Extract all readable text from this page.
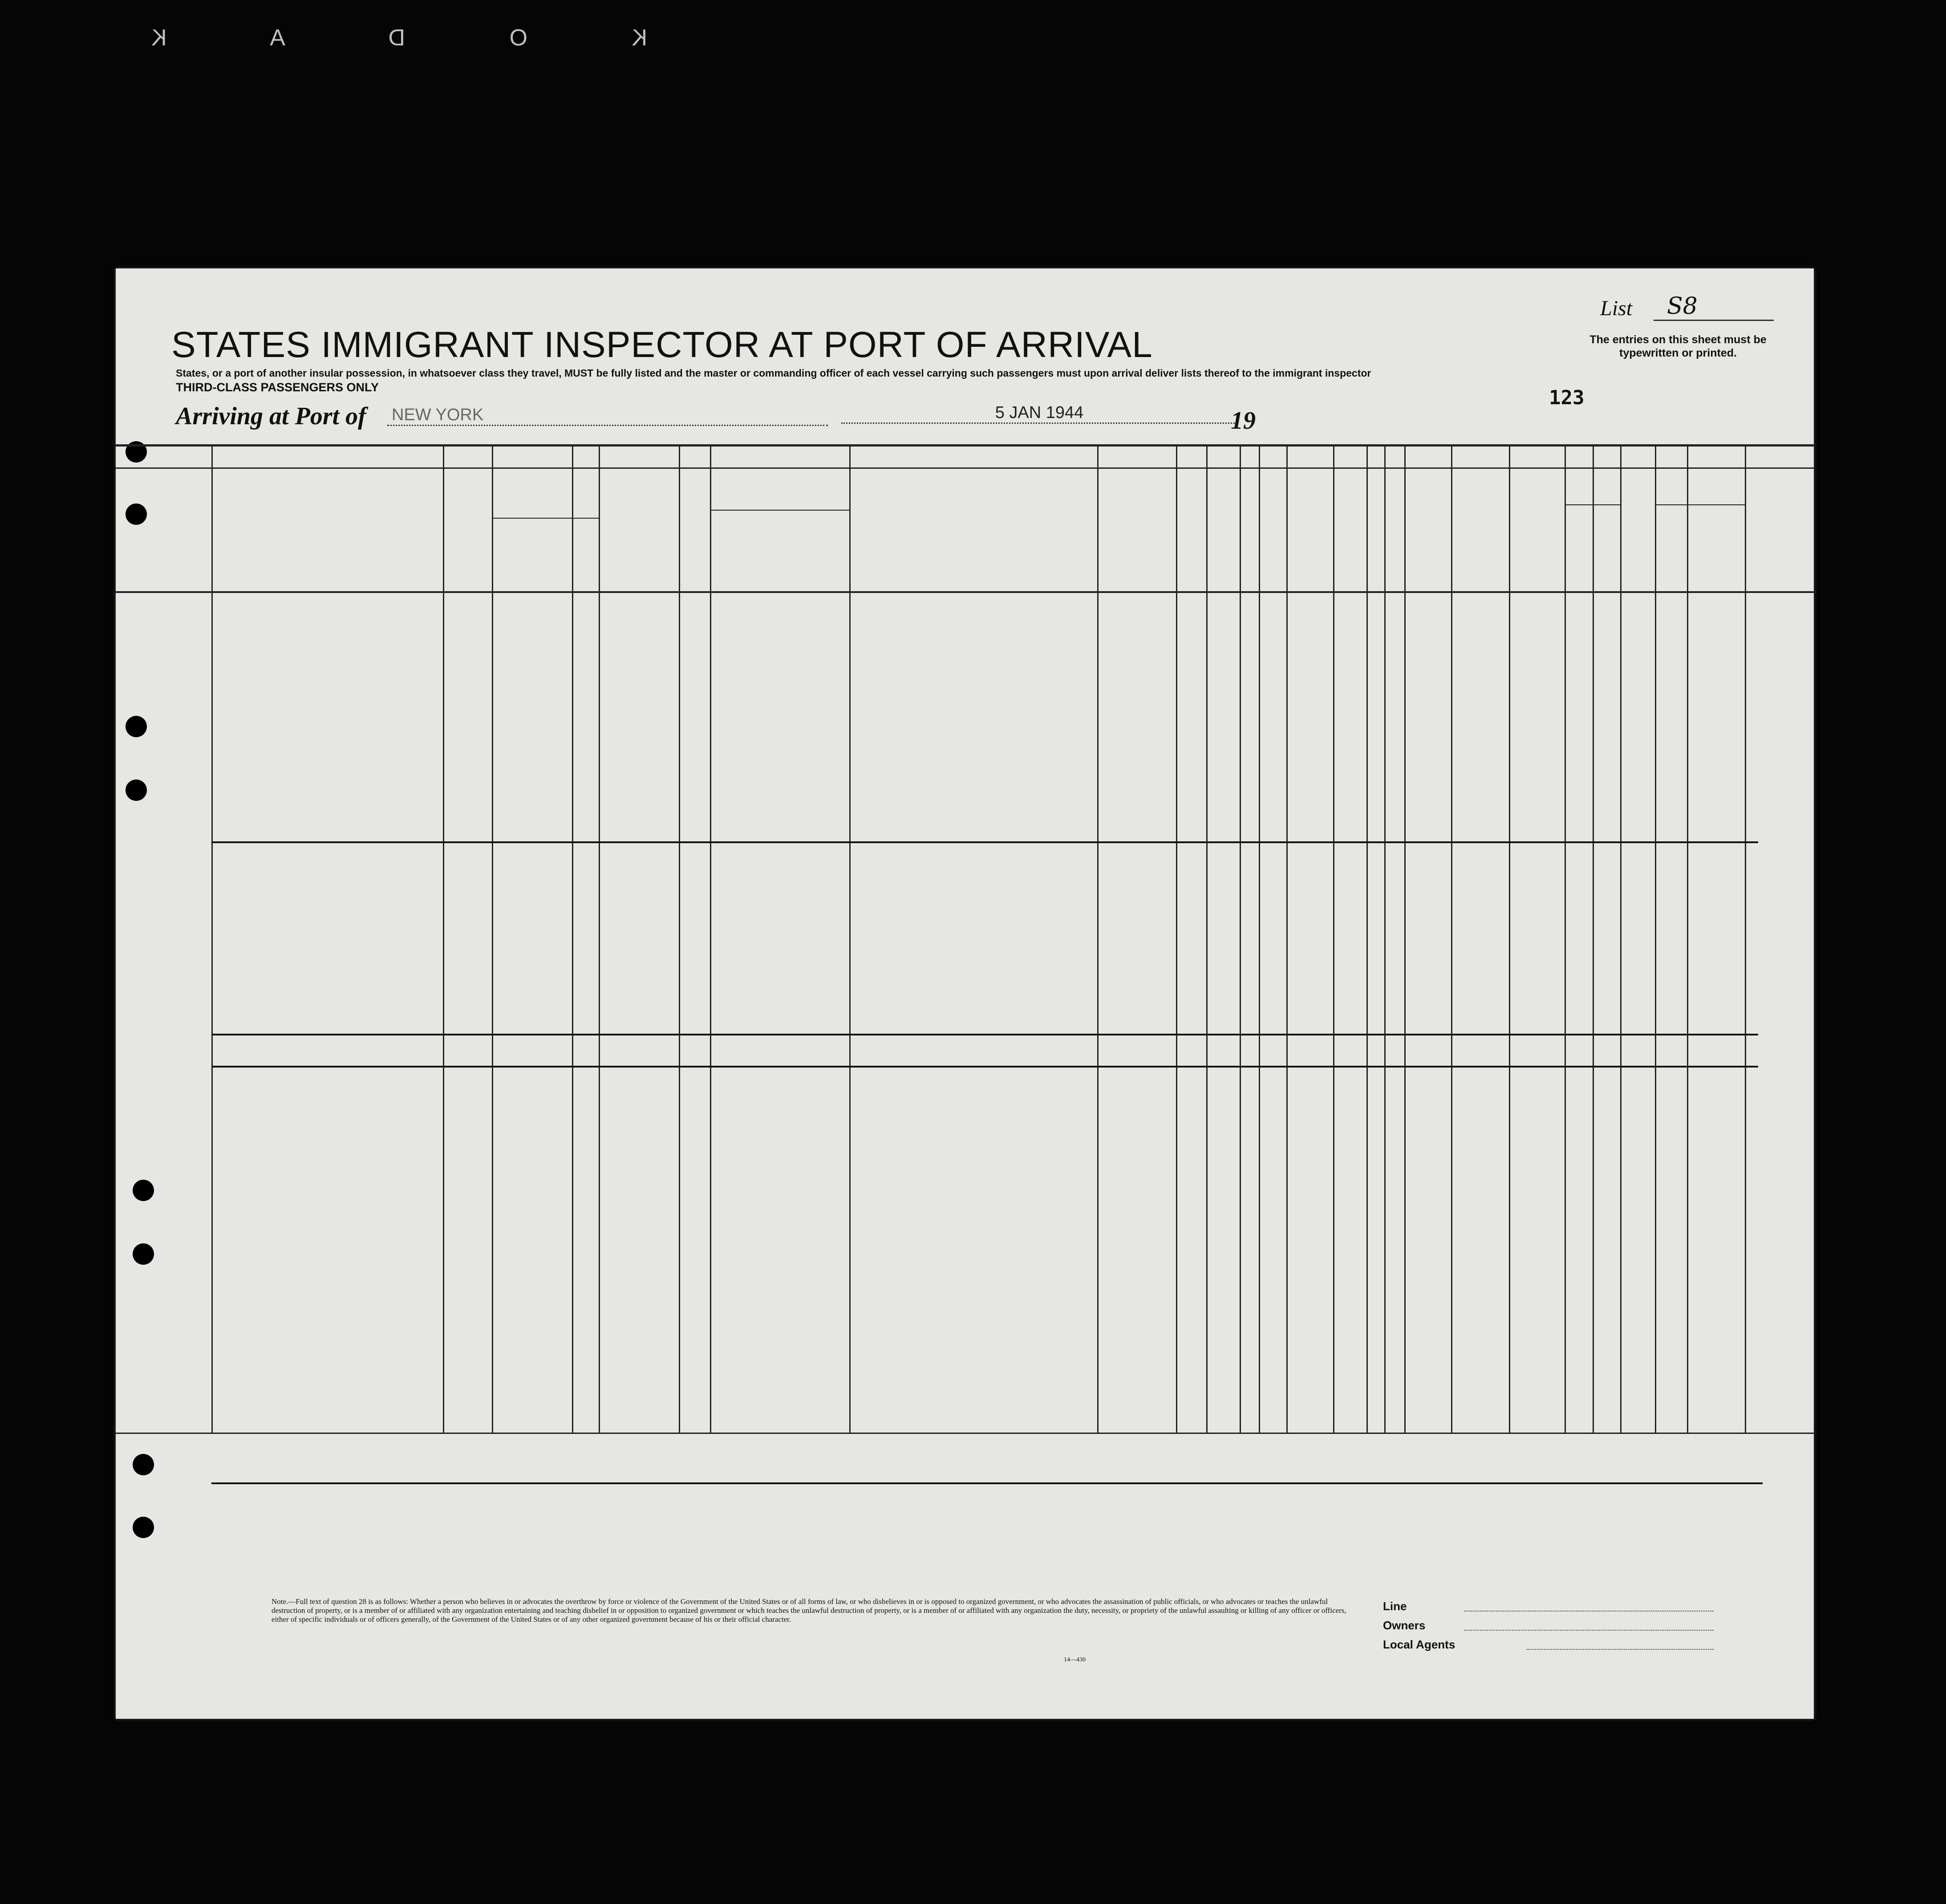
K O D A K
STATES IMMIGRANT INSPECTOR AT PORT OF ARRIVAL
States, or a port of another insular possession, in whatsoever class they travel, MUST be fully listed and the master or commanding officer of each vessel carrying such passengers must upon arrival deliver lists thereof to the immigrant inspector
THIRD-CLASS PASSENGERS ONLY
Arriving at Port of NEW YORK	5 JAN 1944	19
List	S8
The entries on this sheet must be typewritten or printed.
123
Note.—Full text of question 28 is as follows: Whether a person who believes in or advocates the overthrow by force or violence of the Government of the United States or of all forms of law, or who disbelieves in or is opposed to organized government, or who advocates the assassination of public officials, or who advocates or teaches the unlawful destruction of property, or is a member of or affiliated with any organization entertaining and teaching disbelief in or opposition to organized government or which teaches the unlawful destruction of property, or is a member of or affiliated with any organization the duty, necessity, or propriety of the unlawful assaulting or killing of any officer or officers, either of specific individuals or of officers generally, of the Government of the United States or of any other organized government because of his or their official character.
14—430
Line
Owners
Local Agents
